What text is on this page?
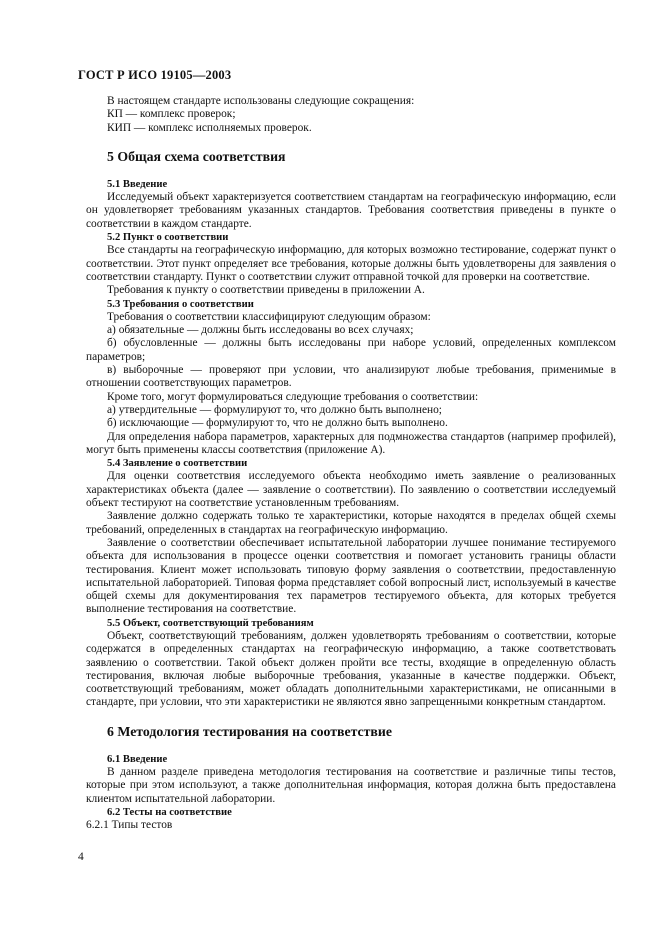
ГОСТ Р ИСО 19105—2003

В настоящем стандарте использованы следующие сокращения:

КП — комплекс проверок;

КИП — комплекс исполняемых проверок.

5 Общая схема соответствия
5.1 Введение

Исследуемый объект характеризуется соответствием стандартам на географическую информацию, если он удовлетворяет требованиям указанных стандартов. Требования соответствия приведены в пункте о соответствии в каждом стандарте.

5.2 Пункт о соответствии

Все стандарты на географическую информацию, для которых возможно тестирование, содержат пункт о соответствии. Этот пункт определяет все требования, которые должны быть удовлетворены для заявления о соответствии стандарту. Пункт о соответствии служит отправной точкой для проверки на соответствие.

Требования к пункту о соответствии приведены в приложении А.

5.3 Требования о соответствии

Требования о соответствии классифицируют следующим образом:

а) обязательные — должны быть исследованы во всех случаях;

б) обусловленные — должны быть исследованы при наборе условий, определенных комплексом параметров;

в) выборочные — проверяют при условии, что анализируют любые требования, применимые в отношении соответствующих параметров.

Кроме того, могут формулироваться следующие требования о соответствии:

а) утвердительные — формулируют то, что должно быть выполнено;

б) исключающие — формулируют то, что не должно быть выполнено.

Для определения набора параметров, характерных для подмножества стандартов (например профилей), могут быть применены классы соответствия (приложение А).

5.4 Заявление о соответствии

Для оценки соответствия исследуемого объекта необходимо иметь заявление о реализованных характеристиках объекта (далее — заявление о соответствии). По заявлению о соответствии исследуемый объект тестируют на соответствие установленным требованиям.

Заявление должно содержать только те характеристики, которые находятся в пределах общей схемы требований, определенных в стандартах на географическую информацию.

Заявление о соответствии обеспечивает испытательной лаборатории лучшее понимание тестируемого объекта для использования в процессе оценки соответствия и помогает установить границы области тестирования. Клиент может использовать типовую форму заявления о соответствии, предоставленную испытательной лабораторией. Типовая форма представляет собой вопросный лист, используемый в качестве общей схемы для документирования тех параметров тестируемого объекта, для которых требуется выполнение тестирования на соответствие.

5.5 Объект, соответствующий требованиям

Объект, соответствующий требованиям, должен удовлетворять требованиям о соответствии, которые содержатся в определенных стандартах на географическую информацию, а также соответствовать заявлению о соответствии. Такой объект должен пройти все тесты, входящие в определенную область тестирования, включая любые выборочные требования, указанные в качестве поддержки. Объект, соответствующий требованиям, может обладать дополнительными характеристиками, не описанными в стандарте, при условии, что эти характеристики не являются явно запрещенными конкретным стандартом.

6 Методология тестирования на соответствие
6.1 Введение

В данном разделе приведена методология тестирования на соответствие и различные типы тестов, которые при этом используют, а также дополнительная информация, которая должна быть предоставлена клиентом испытательной лаборатории.

6.2 Тесты на соответствие

6.2.1 Типы тестов

4
